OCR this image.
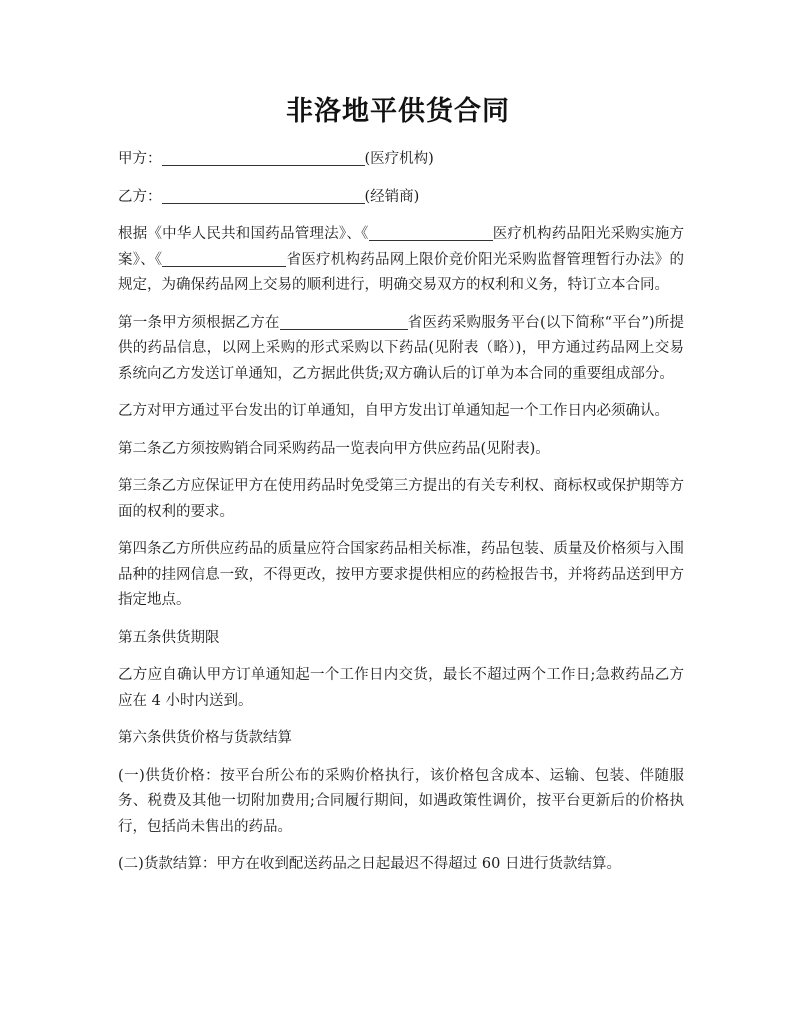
非洛地平供货合同

甲方：	(医疗机构)

乙方：	(经销商)

根据《中华人民共和国药品管理法》、《	医疗机构药品阳光采购实施方案》、《	省医疗机构药品网上限价竞价阳光采购监督管理暂行办法》的规定，为确保药品网上交易的顺利进行，明确交易双方的权利和义务，特订立本合同。

第一条甲方须根据乙方在	省医药采购服务平台(以下简称“平台”)所提供的药品信息，以网上采购的形式采购以下药品(见附表（略）)，甲方通过药品网上交易系统向乙方发送订单通知，乙方据此供货;双方确认后的订单为本合同的重要组成部分。

乙方对甲方通过平台发出的订单通知，自甲方发出订单通知起一个工作日内必须确认。

第二条乙方须按购销合同采购药品一览表向甲方供应药品(见附表)。

第三条乙方应保证甲方在使用药品时免受第三方提出的有关专利权、商标权或保护期等方面的权利的要求。

第四条乙方所供应药品的质量应符合国家药品相关标准，药品包装、质量及价格须与入围品种的挂网信息一致，不得更改，按甲方要求提供相应的药检报告书，并将药品送到甲方指定地点。

第五条供货期限

乙方应自确认甲方订单通知起一个工作日内交货，最长不超过两个工作日;急救药品乙方应在 4 小时内送到。

第六条供货价格与货款结算

(一)供货价格：按平台所公布的采购价格执行，该价格包含成本、运输、包装、伴随服务、税费及其他一切附加费用;合同履行期间，如遇政策性调价，按平台更新后的价格执行，包括尚未售出的药品。

(二)货款结算：甲方在收到配送药品之日起最迟不得超过 60 日进行货款结算。
